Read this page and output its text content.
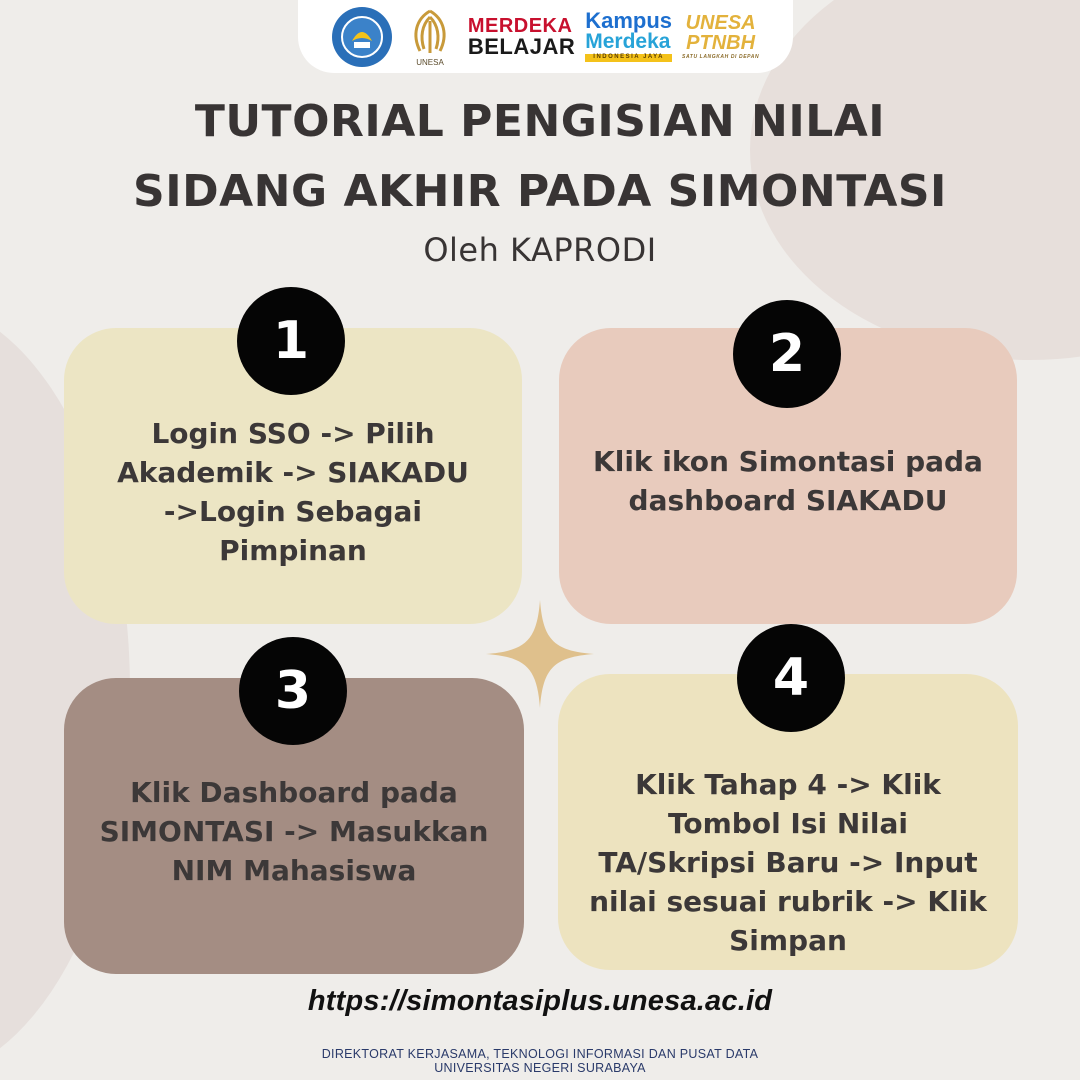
UNESA
MERDEKA
BELAJAR
Kampus
Merdeka
INDONESIA JAYA
UNESA
PTNBH
SATU LANGKAH DI DEPAN
TUTORIAL PENGISIAN NILAI
SIDANG AKHIR PADA SIMONTASI
Oleh KAPRODI
Login SSO -> Pilih
Akademik -> SIAKADU
->Login Sebagai
Pimpinan
Klik ikon Simontasi pada
dashboard SIAKADU
Klik Dashboard pada
SIMONTASI -> Masukkan
NIM Mahasiswa
Klik Tahap 4 -> Klik
Tombol Isi Nilai
TA/Skripsi Baru -> Input
nilai sesuai rubrik -> Klik
Simpan
1	2
3	4
https://simontasiplus.unesa.ac.id
DIREKTORAT KERJASAMA, TEKNOLOGI INFORMASI DAN PUSAT DATA
UNIVERSITAS NEGERI SURABAYA
